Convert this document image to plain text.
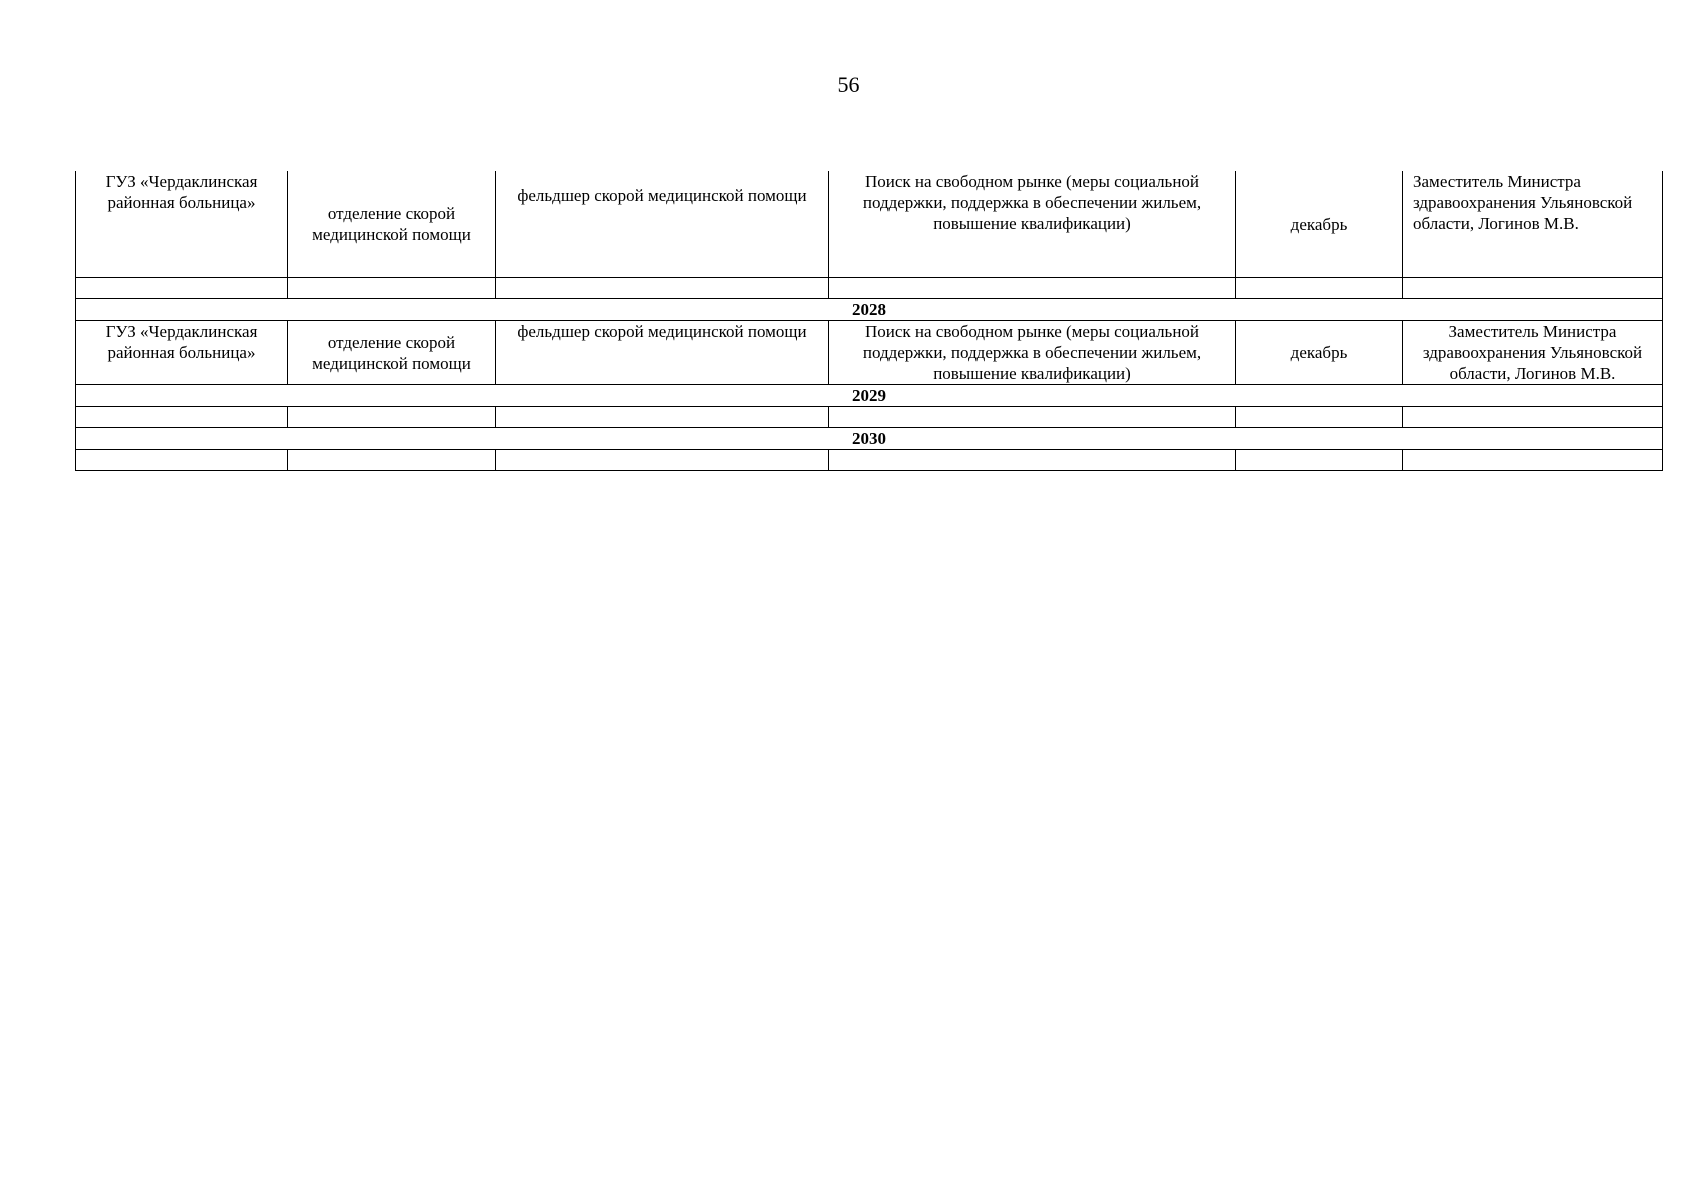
56
ГУЗ «Чердаклинская районная больница»	отделение скорой медицинской помощи	фельдшер скорой медицинской помощи	Поиск на свободном рынке (меры социальной поддержки, поддержка в обеспечении жильем, повышение квалификации)	декабрь	Заместитель Министра здравоохранения Ульяновской области, Логинов М.В.

2028					
ГУЗ «Чердаклинская районная больница»	отделение скорой медицинской помощи	фельдшер скорой медицинской помощи	Поиск на свободном рынке (меры социальной поддержки, поддержка в обеспечении жильем, повышение квалификации)	декабрь	Заместитель Министра здравоохранения Ульяновской области, Логинов М.В.
2029					

2030					
